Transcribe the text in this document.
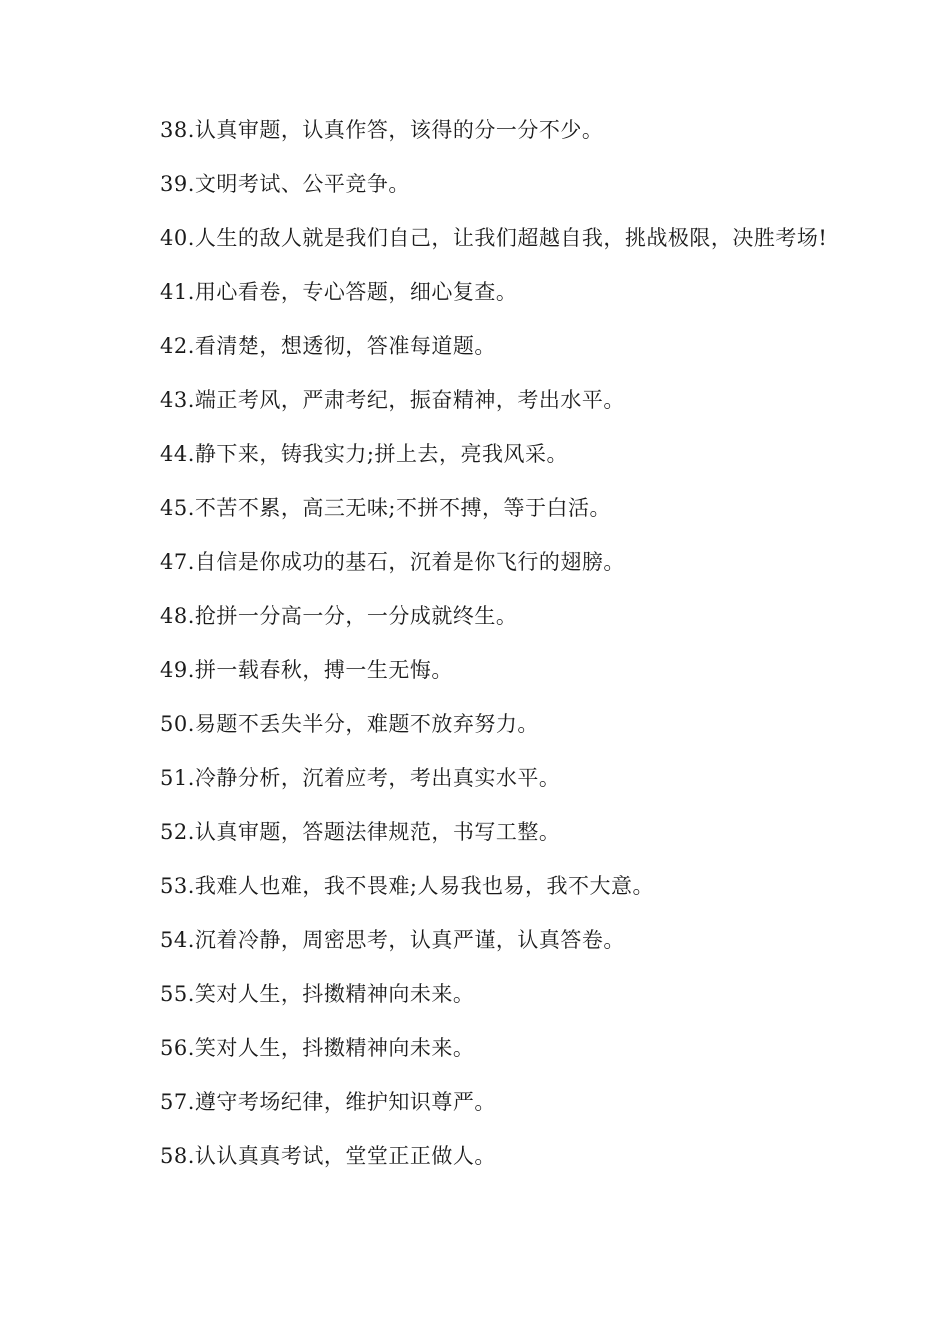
38.认真审题，认真作答，该得的分一分不少。

39.文明考试、公平竞争。

40.人生的敌人就是我们自己，让我们超越自我，挑战极限，决胜考场!

41.用心看卷，专心答题，细心复查。

42.看清楚，想透彻，答准每道题。

43.端正考风，严肃考纪，振奋精神，考出水平。

44.静下来，铸我实力;拼上去，亮我风采。

45.不苦不累，高三无味;不拼不搏，等于白活。

47.自信是你成功的基石，沉着是你飞行的翅膀。

48.抢拼一分高一分，一分成就终生。

49.拼一载春秋，搏一生无悔。

50.易题不丢失半分，难题不放弃努力。

51.冷静分析，沉着应考，考出真实水平。

52.认真审题，答题法律规范，书写工整。

53.我难人也难，我不畏难;人易我也易，我不大意。

54.沉着冷静，周密思考，认真严谨，认真答卷。

55.笑对人生，抖擞精神向未来。

56.笑对人生，抖擞精神向未来。

57.遵守考场纪律，维护知识尊严。

58.认认真真考试，堂堂正正做人。
